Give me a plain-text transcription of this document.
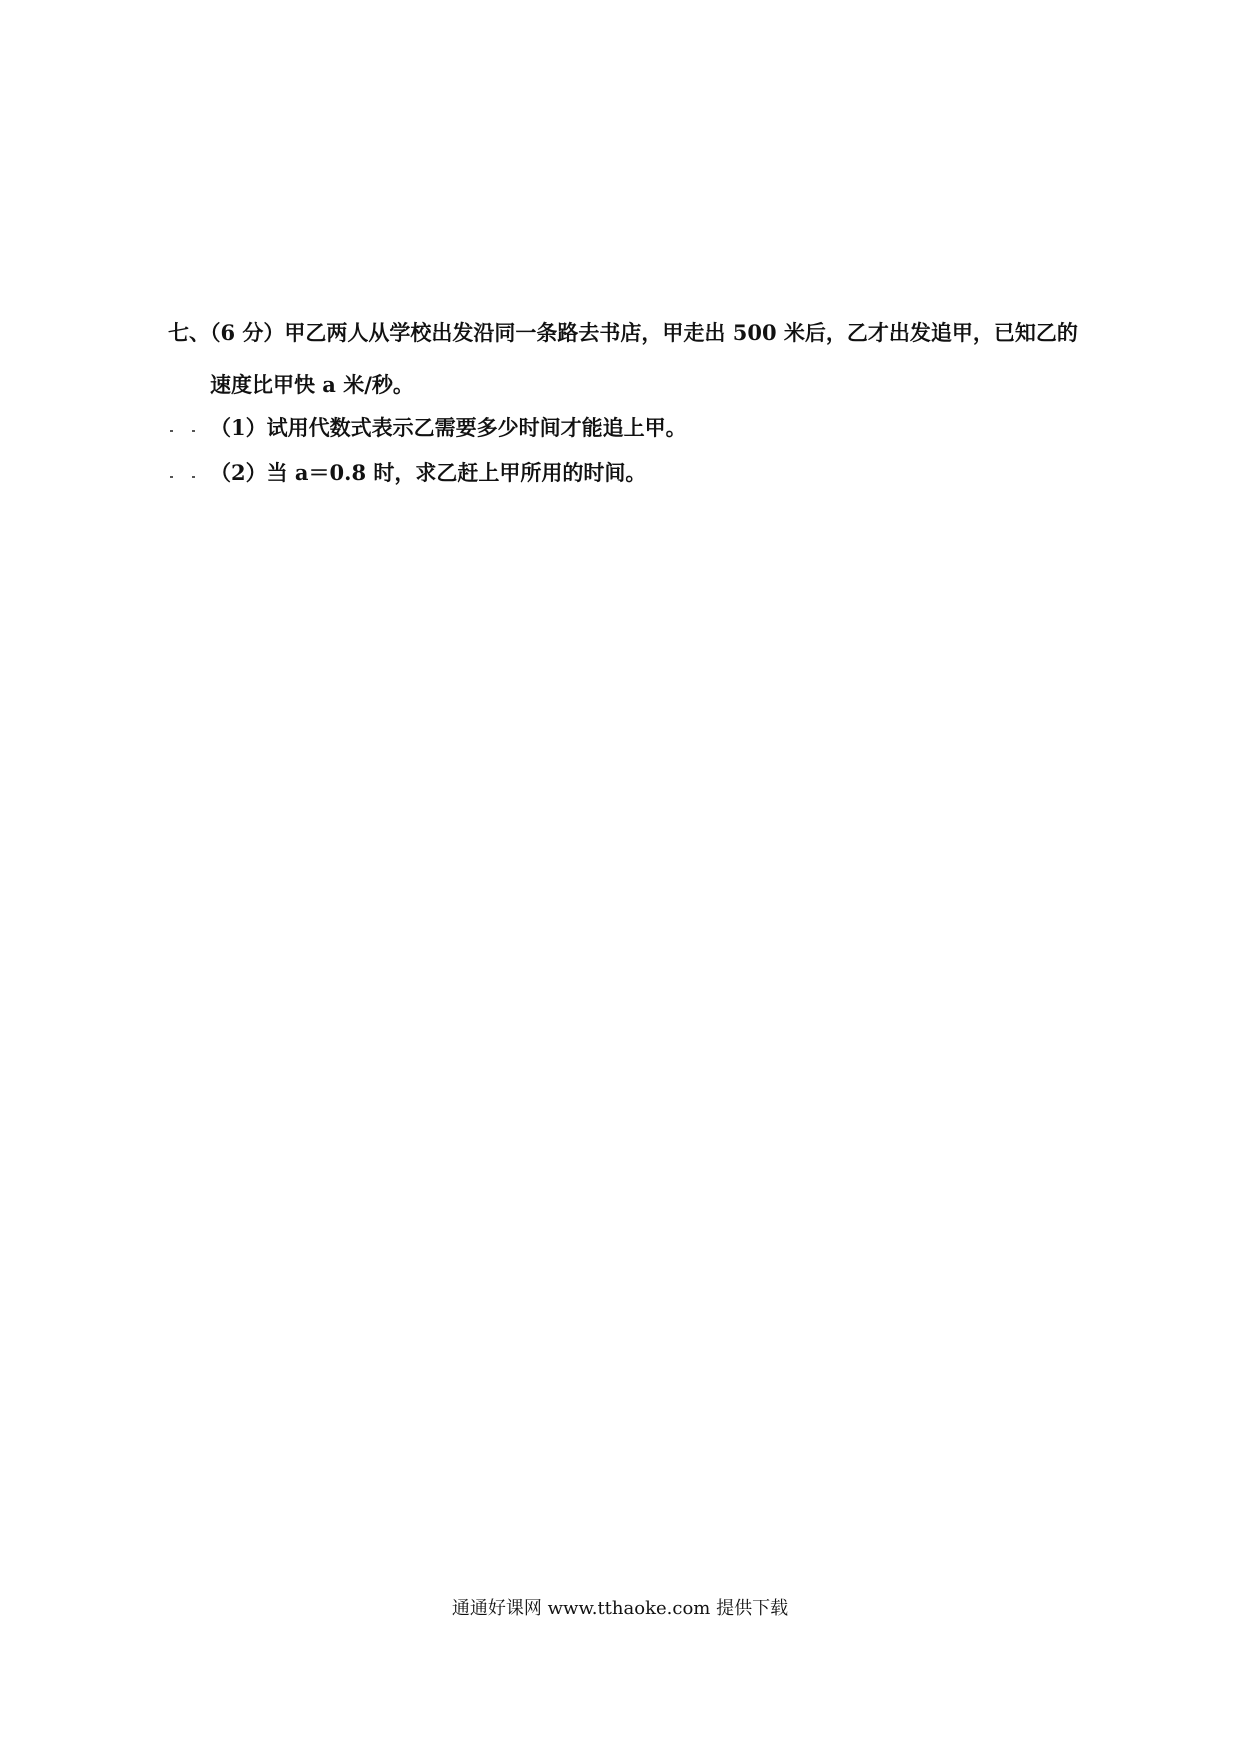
七、（6 分）甲乙两人从学校出发沿同一条路去书店，甲走出 500 米后，乙才出发追甲，已知乙的
速度比甲快 a 米/秒。
（1）试用代数式表示乙需要多少时间才能追上甲。
（2）当 a＝0.8 时，求乙赶上甲所用的时间。
通通好课网 www.tthaoke.com 提供下载
